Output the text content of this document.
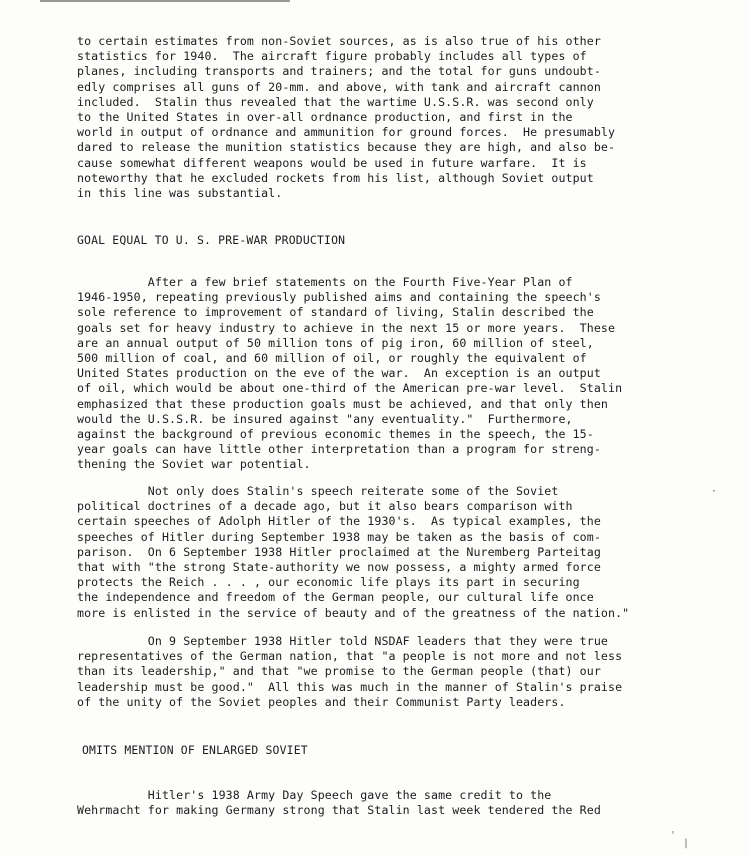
to certain estimates from non-Soviet sources, as is also true of his other
statistics for 1940.  The aircraft figure probably includes all types of
planes, including transports and trainers; and the total for guns undoubt-
edly comprises all guns of 20-mm. and above, with tank and aircraft cannon
included.  Stalin thus revealed that the wartime U.S.S.R. was second only
to the United States in over-all ordnance production, and first in the
world in output of ordnance and ammunition for ground forces.  He presumably
dared to release the munition statistics because they are high, and also be-
cause somewhat different weapons would be used in future warfare.  It is
noteworthy that he excluded rockets from his list, although Soviet output
in this line was substantial.

GOAL EQUAL TO U. S. PRE-WAR PRODUCTION

After a few brief statements on the Fourth Five-Year Plan of
1946-1950, repeating previously published aims and containing the speech's
sole reference to improvement of standard of living, Stalin described the
goals set for heavy industry to achieve in the next 15 or more years.  These
are an annual output of 50 million tons of pig iron, 60 million of steel,
500 million of coal, and 60 million of oil, or roughly the equivalent of
United States production on the eve of the war.  An exception is an output
of oil, which would be about one-third of the American pre-war level.  Stalin
emphasized that these production goals must be achieved, and that only then
would the U.S.S.R. be insured against "any eventuality."  Furthermore,
against the background of previous economic themes in the speech, the 15-
year goals can have little other interpretation than a program for streng-
thening the Soviet war potential.

·

Not only does Stalin's speech reiterate some of the Soviet
political doctrines of a decade ago, but it also bears comparison with
certain speeches of Adolph Hitler of the 1930's.  As typical examples, the
speeches of Hitler during September 1938 may be taken as the basis of com-
parison.  On 6 September 1938 Hitler proclaimed at the Nuremberg Parteitag
that with "the strong State-authority we now possess, a mighty armed force
protects the Reich . . . , our economic life plays its part in securing
the independence and freedom of the German people, our cultural life once
more is enlisted in the service of beauty and of the greatness of the nation."

On 9 September 1938 Hitler told NSDAF leaders that they were true
representatives of the German nation, that "a people is not more and not less
than its leadership," and that "we promise to the German people (that) our
leadership must be good."  All this was much in the manner of Stalin's praise
of the unity of the Soviet peoples and their Communist Party leaders.

OMITS MENTION OF ENLARGED SOVIET

Hitler's 1938 Army Day Speech gave the same credit to the
Wehrmacht for making Germany strong that Stalin last week tendered the Red

'
|
